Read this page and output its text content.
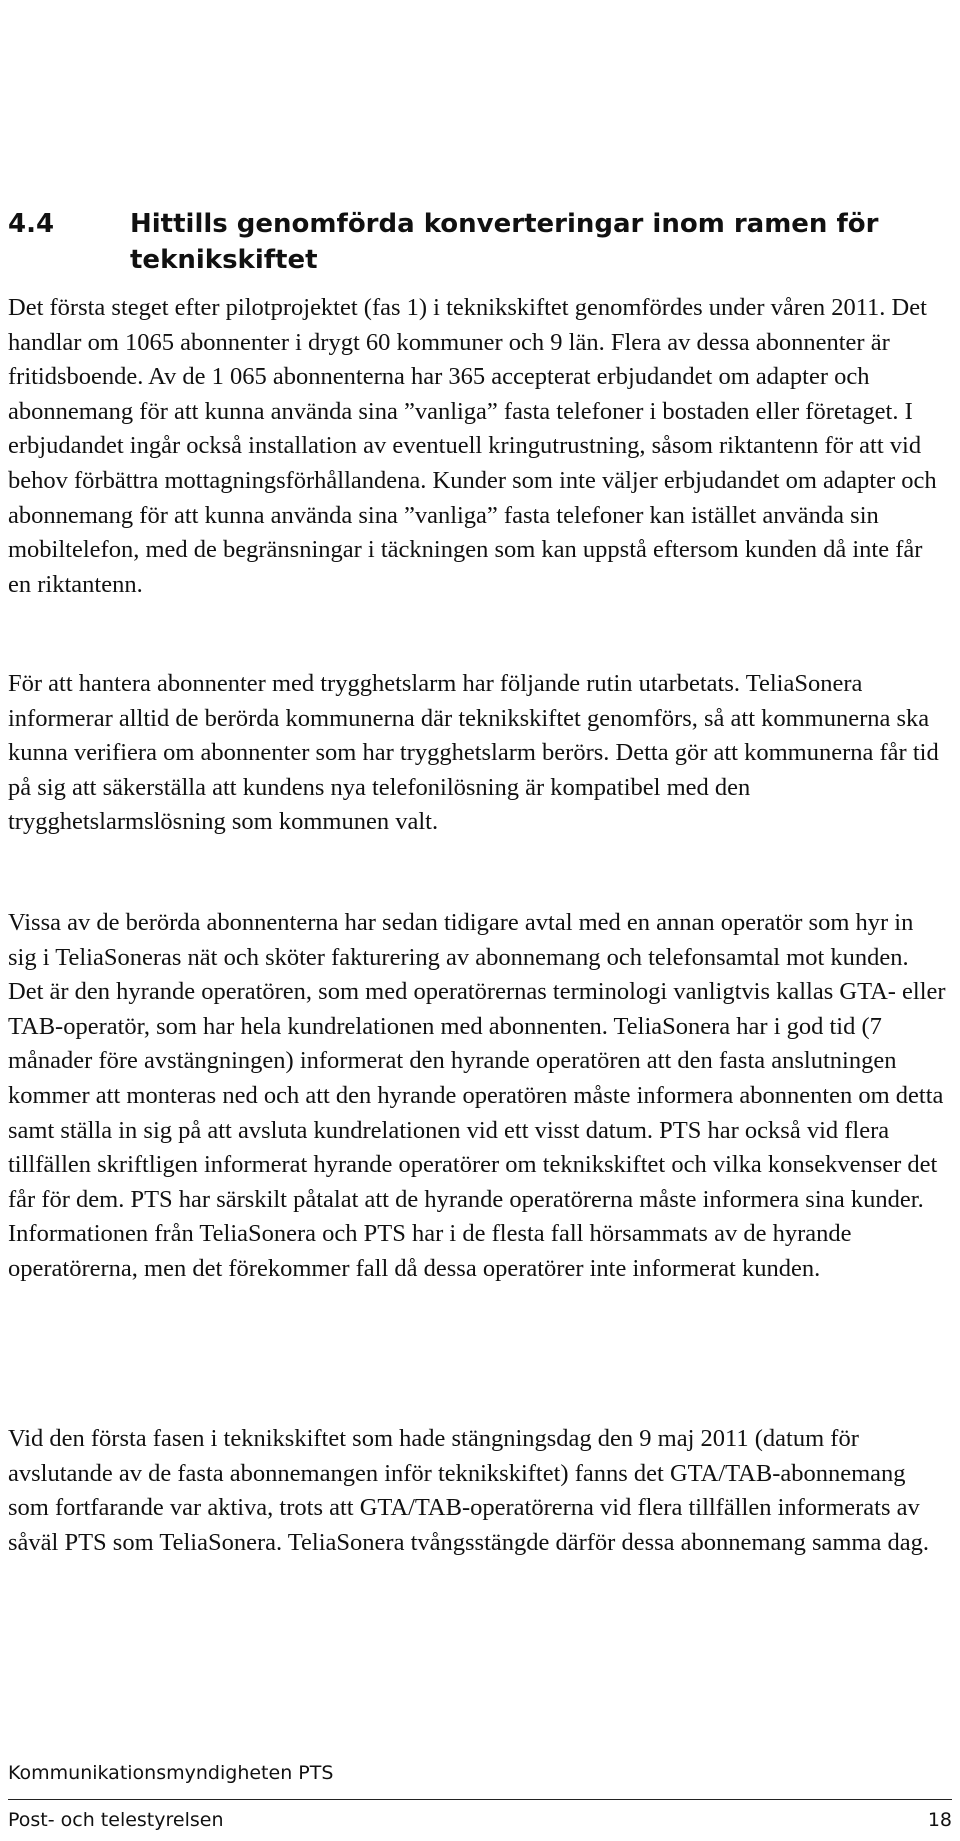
4.4	Hittills genomförda konverteringar inom ramen för teknikskiftet

Det första steget efter pilotprojektet (fas 1) i teknikskiftet genomfördes under våren 2011. Det handlar om 1065 abonnenter i drygt 60 kommuner och 9 län. Flera av dessa abonnenter är fritidsboende. Av de 1 065 abonnenterna har 365 accepterat erbjudandet om adapter och abonnemang för att kunna använda sina ”vanliga” fasta telefoner i bostaden eller företaget. I erbjudandet ingår också installation av eventuell kringutrustning, såsom riktantenn för att vid behov förbättra mottagningsförhållandena. Kunder som inte väljer erbjudandet om adapter och abonnemang för att kunna använda sina ”vanliga” fasta telefoner kan istället använda sin mobiltelefon, med de begränsningar i täckningen som kan uppstå eftersom kunden då inte får en riktantenn.

För att hantera abonnenter med trygghetslarm har följande rutin utarbetats. TeliaSonera informerar alltid de berörda kommunerna där teknikskiftet genomförs, så att kommunerna ska kunna verifiera om abonnenter som har trygghetslarm berörs. Detta gör att kommunerna får tid på sig att säkerställa att kundens nya telefonilösning är kompatibel med den trygghetslarmslösning som kommunen valt.

Vissa av de berörda abonnenterna har sedan tidigare avtal med en annan operatör som hyr in sig i TeliaSoneras nät och sköter fakturering av abonnemang och telefonsamtal mot kunden. Det är den hyrande operatören, som med operatörernas terminologi vanligtvis kallas GTA- eller TAB-operatör, som har hela kundrelationen med abonnenten. TeliaSonera har i god tid (7 månader före avstängningen) informerat den hyrande operatören att den fasta anslutningen kommer att monteras ned och att den hyrande operatören måste informera abonnenten om detta samt ställa in sig på att avsluta kundrelationen vid ett visst datum. PTS har också vid flera tillfällen skriftligen informerat hyrande operatörer om teknikskiftet och vilka konsekvenser det får för dem. PTS har särskilt påtalat att de hyrande operatörerna måste informera sina kunder. Informationen från TeliaSonera och PTS har i de flesta fall hörsammats av de hyrande operatörerna, men det förekommer fall då dessa operatörer inte informerat kunden.

Vid den första fasen i teknikskiftet som hade stängningsdag den 9 maj 2011 (datum för avslutande av de fasta abonnemangen inför teknikskiftet) fanns det GTA/TAB-abonnemang som fortfarande var aktiva, trots att GTA/TAB-operatörerna vid flera tillfällen informerats av såväl PTS som TeliaSonera. TeliaSonera tvångsstängde därför dessa abonnemang samma dag.

Kommunikationsmyndigheten PTS
Post- och telestyrelsen	18
